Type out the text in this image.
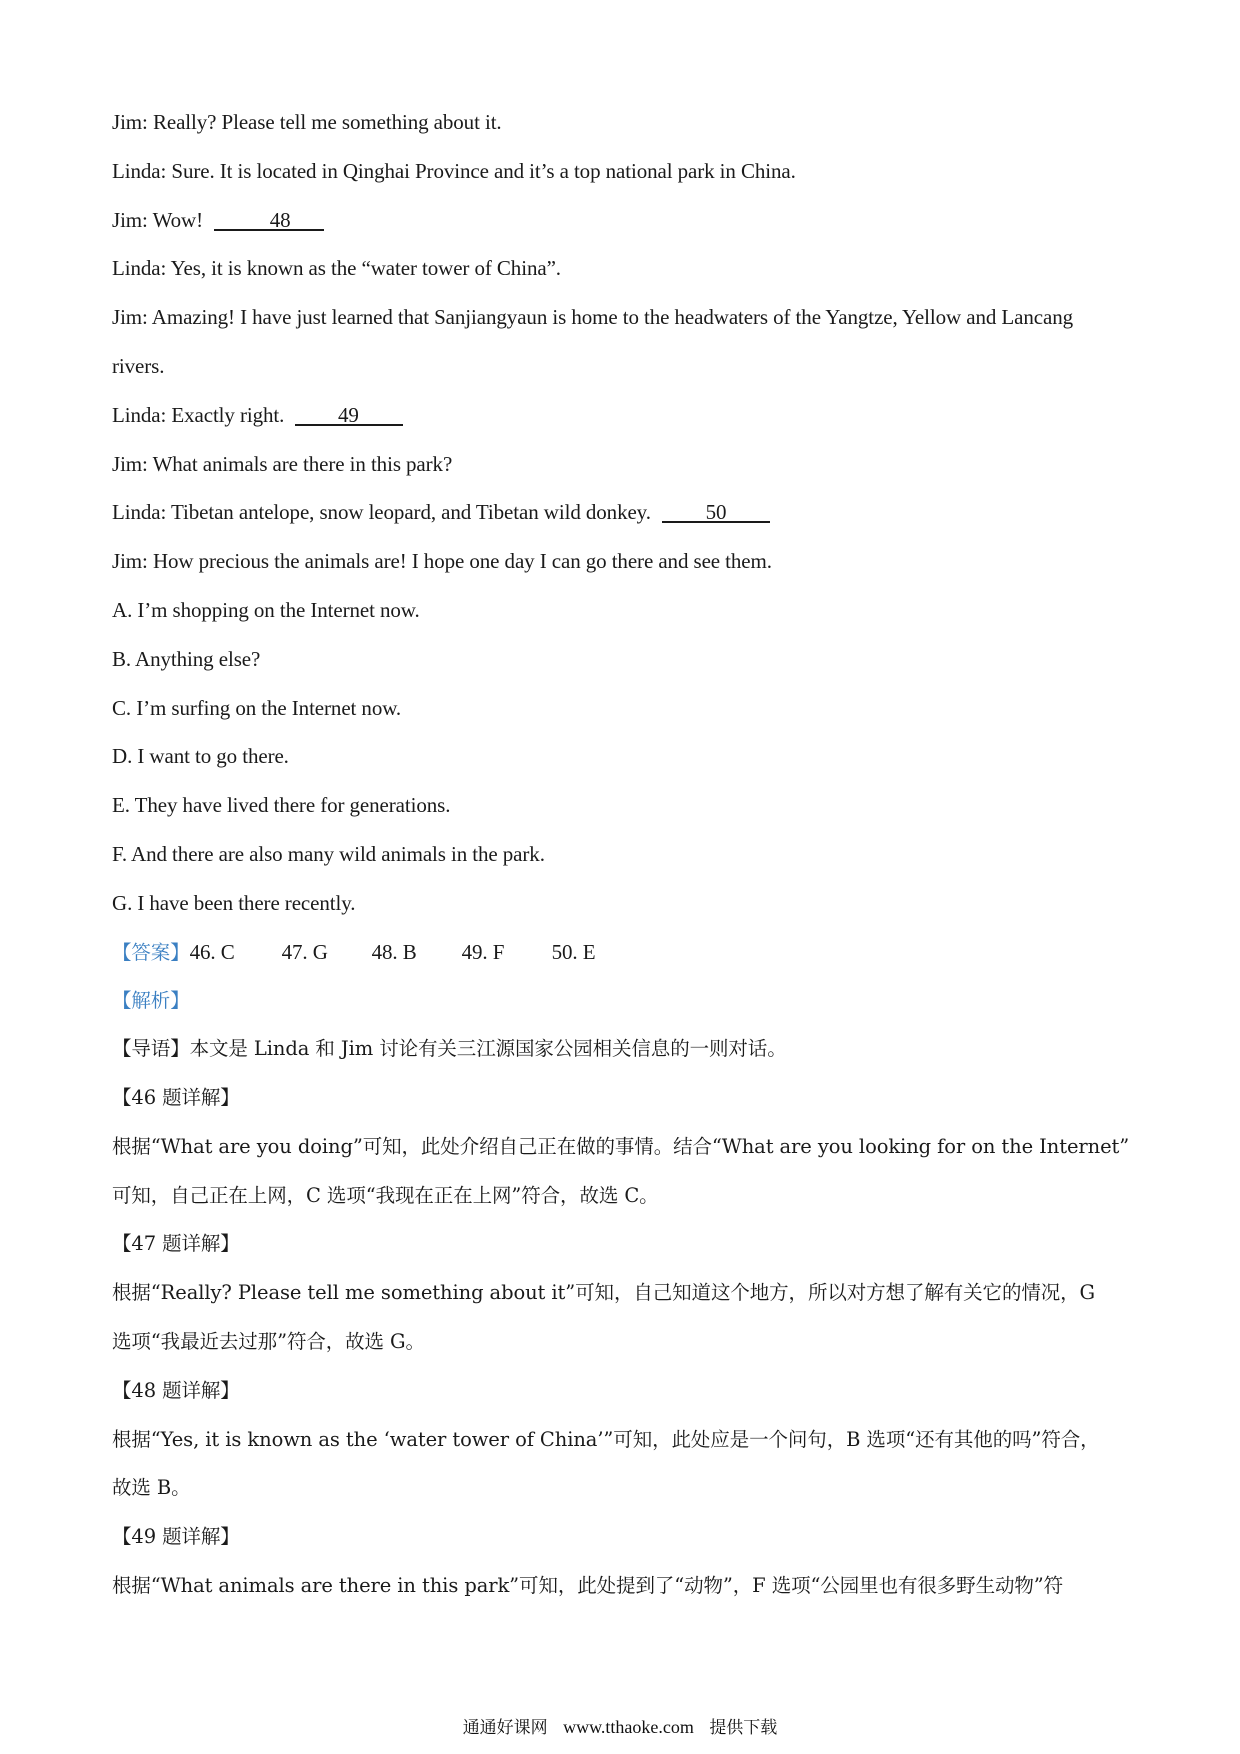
Jim: Really? Please tell me something about it.
Linda: Sure. It is located in Qinghai Province and it’s a top national park in China.
Jim: Wow!	48
Linda: Yes, it is known as the “water tower of China”.
Jim: Amazing! I have just learned that Sanjiangyaun is home to the headwaters of the Yangtze, Yellow and Lancang
rivers.
Linda: Exactly right.	49
Jim: What animals are there in this park?
Linda: Tibetan antelope, snow leopard, and Tibetan wild donkey.	50
Jim: How precious the animals are! I hope one day I can go there and see them.
A. I’m shopping on the Internet now.
B. Anything else?
C. I’m surfing on the Internet now.
D. I want to go there.
E. They have lived there for generations.
F. And there are also many wild animals in the park.
G. I have been there recently.
【答案】46. C 47. G 48. B 49. F 50. E
【解析】
【导语】本文是 Linda 和 Jim 讨论有关三江源国家公园相关信息的一则对话。
【46 题详解】
根据“What are you doing”可知，此处介绍自己正在做的事情。结合“What are you looking for on the Internet”
可知，自己正在上网，C 选项“我现在正在上网”符合，故选 C。
【47 题详解】
根据“Really? Please tell me something about it”可知，自己知道这个地方，所以对方想了解有关它的情况，G
选项“我最近去过那”符合，故选 G。
【48 题详解】
根据“Yes, it is known as the ‘water tower of China’”可知，此处应是一个问句，B 选项“还有其他的吗”符合，
故选 B。
【49 题详解】
根据“What animals are there in this park”可知，此处提到了“动物”，F 选项“公园里也有很多野生动物”符
通通好课网 www.tthaoke.com 提供下载
